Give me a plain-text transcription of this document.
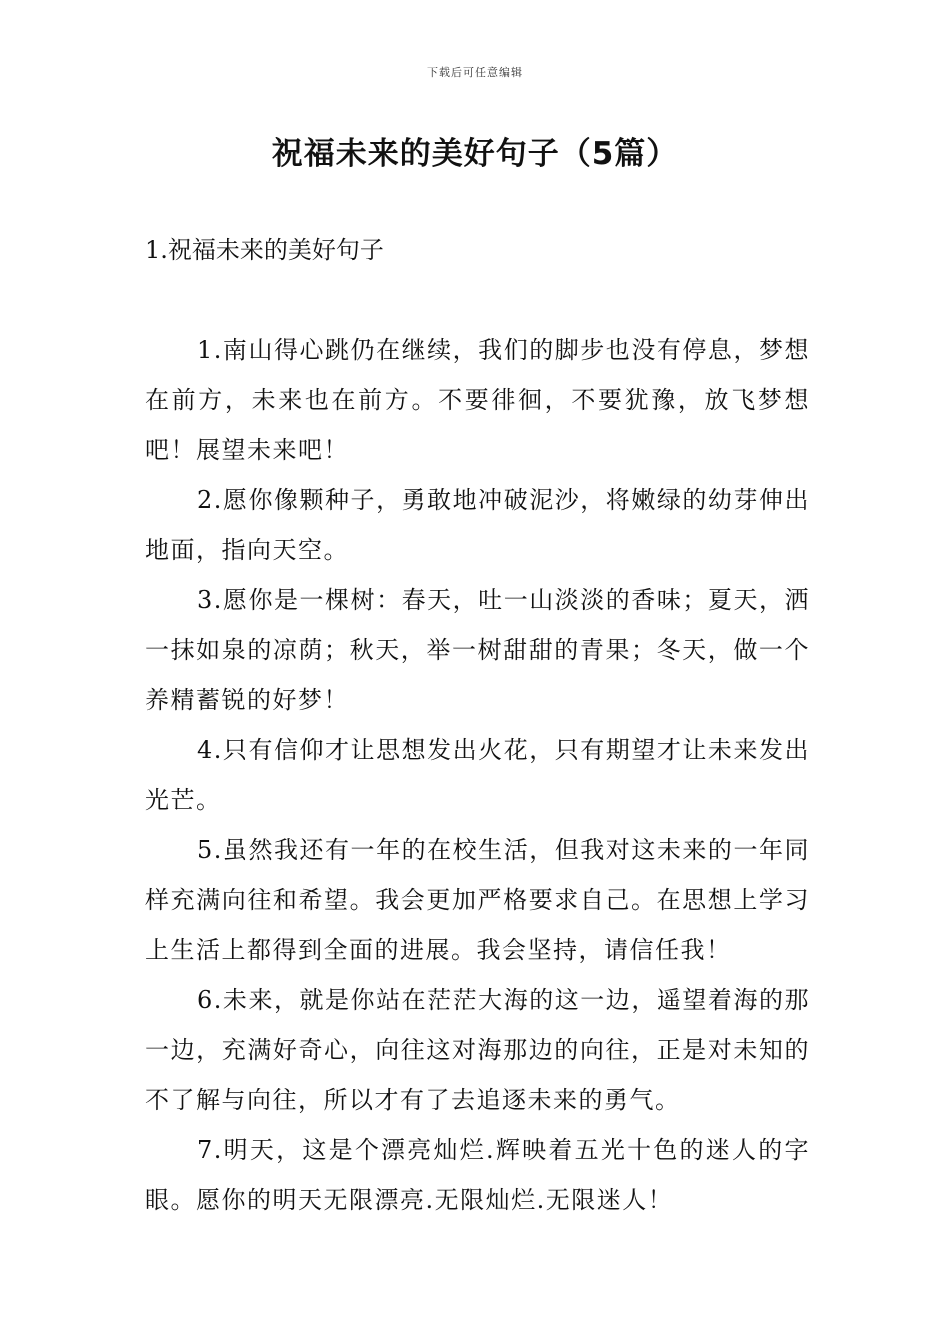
下载后可任意编辑
祝福未来的美好句子（5篇）
1.祝福未来的美好句子

1.南山得心跳仍在继续，我们的脚步也没有停息，梦想在前方，未来也在前方。不要徘徊，不要犹豫，放飞梦想吧！展望未来吧！

2.愿你像颗种子，勇敢地冲破泥沙，将嫩绿的幼芽伸出地面，指向天空。

3.愿你是一棵树：春天，吐一山淡淡的香味；夏天，洒一抹如泉的凉荫；秋天，举一树甜甜的青果；冬天，做一个养精蓄锐的好梦！

4.只有信仰才让思想发出火花，只有期望才让未来发出光芒。

5.虽然我还有一年的在校生活，但我对这未来的一年同样充满向往和希望。我会更加严格要求自己。在思想上学习上生活上都得到全面的进展。我会坚持，请信任我！

6.未来，就是你站在茫茫大海的这一边，遥望着海的那一边，充满好奇心，向往这对海那边的向往，正是对未知的不了解与向往，所以才有了去追逐未来的勇气。

7.明天，这是个漂亮灿烂.辉映着五光十色的迷人的字眼。愿你的明天无限漂亮.无限灿烂.无限迷人！
